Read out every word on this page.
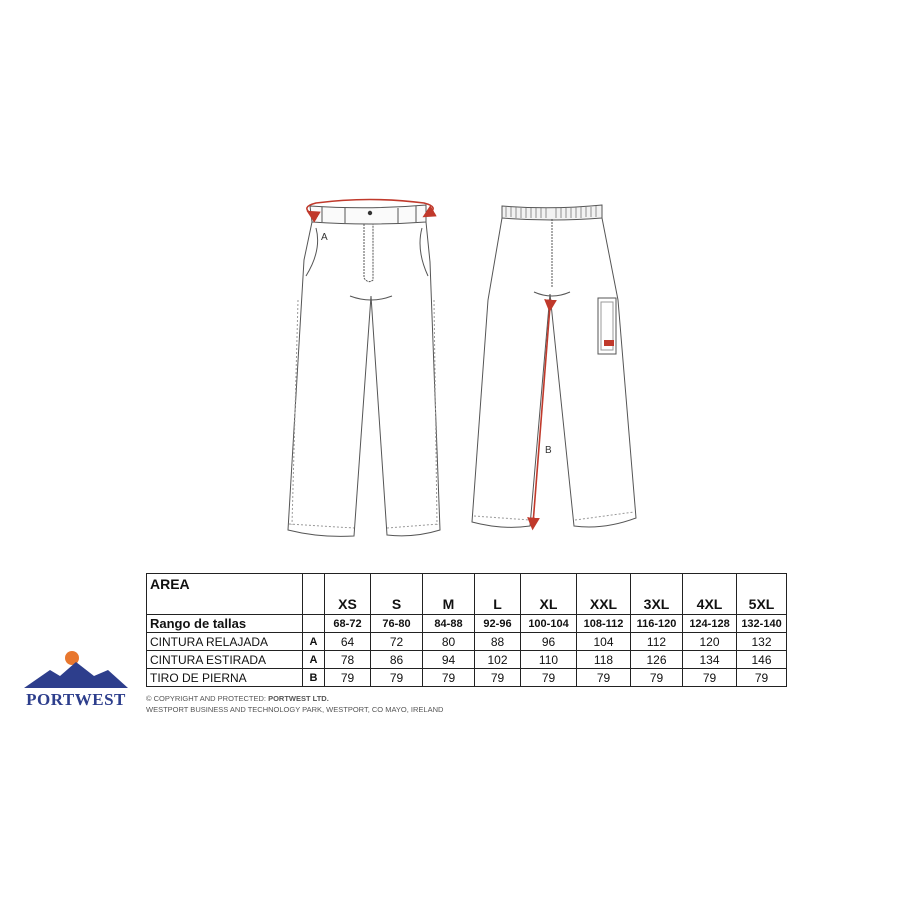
A
B
AREA		XS	S	M	L	XL	XXL	3XL	4XL	5XL
Rango de tallas		68-72	76-80	84-88	92-96	100-104	108-112	116-120	124-128	132-140
CINTURA RELAJADA	A	64	72	80	88	96	104	112	120	132
CINTURA ESTIRADA	A	78	86	94	102	110	118	126	134	146
TIRO DE PIERNA	B	79	79	79	79	79	79	79	79	79
PORTWEST	© COPYRIGHT AND PROTECTED: PORTWEST LTD.
WESTPORT BUSINESS AND TECHNOLOGY PARK, WESTPORT, CO MAYO, IRELAND
